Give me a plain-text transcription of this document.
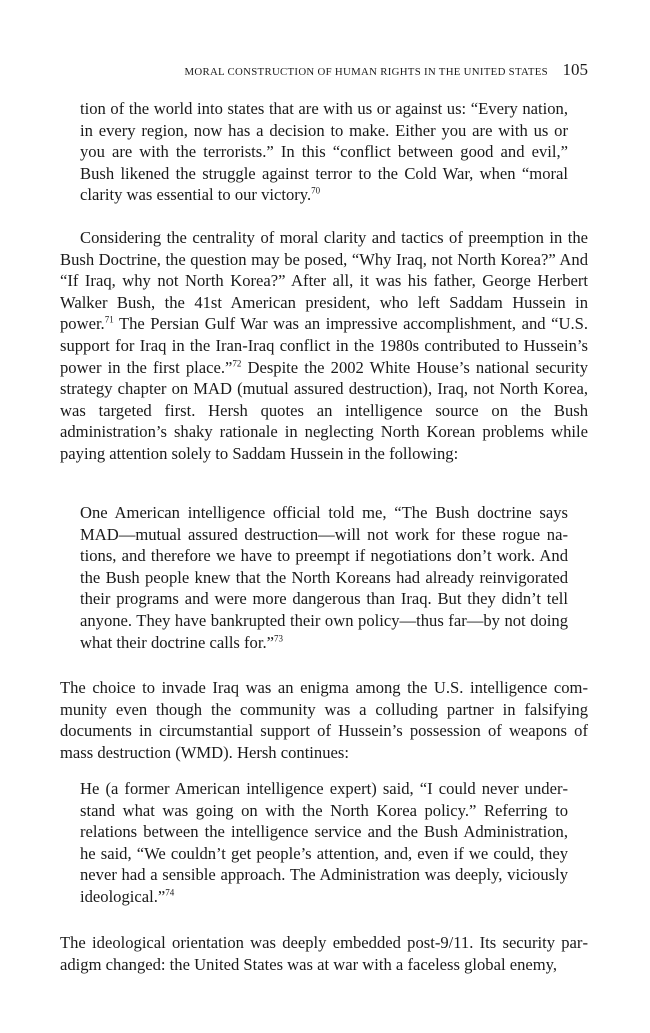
MORAL CONSTRUCTION OF HUMAN RIGHTS IN THE UNITED STATES 105

tion of the world into states that are with us or against us: “Every nation, in every region, now has a decision to make. Either you are with us or you are with the terrorists.” In this “conflict between good and evil,” Bush likened the struggle against terror to the Cold War, when “moral clarity was essential to our victory.$^{70}$

Considering the centrality of moral clarity and tactics of preemption in the Bush Doctrine, the question may be posed, “Why Iraq, not North Korea?” And “If Iraq, why not North Korea?” After all, it was his father, George Herbert Walker Bush, the 41st American president, who left Saddam Hussein in power.$^{71}$ The Persian Gulf War was an impressive accomplishment, and “U.S. support for Iraq in the Iran-Iraq conflict in the 1980s contributed to Hussein’s power in the first place.”$^{72}$ Despite the 2002 White House’s national security strategy chapter on MAD (mutual assured destruction), Iraq, not North Korea, was targeted first. Hersh quotes an intelligence source on the Bush administration’s shaky rationale in neglecting North Korean problems while paying attention solely to Saddam Hussein in the following:

One American intelligence official told me, “The Bush doctrine says MAD—mutual assured destruction—will not work for these rogue nations, and therefore we have to preempt if negotiations don’t work. And the Bush people knew that the North Koreans had already reinvigorated their programs and were more dangerous than Iraq. But they didn’t tell anyone. They have bankrupted their own policy—thus far—by not doing what their doctrine calls for.”$^{73}$

The choice to invade Iraq was an enigma among the U.S. intelligence community even though the community was a colluding partner in falsifying documents in circumstantial support of Hussein’s possession of weapons of mass destruction (WMD). Hersh continues:

He (a former American intelligence expert) said, “I could never understand what was going on with the North Korea policy.” Referring to relations between the intelligence service and the Bush Administration, he said, “We couldn’t get people’s attention, and, even if we could, they never had a sensible approach. The Administration was deeply, viciously ideological.”$^{74}$

The ideological orientation was deeply embedded post-9/11. Its security paradigm changed: the United States was at war with a faceless global enemy,
